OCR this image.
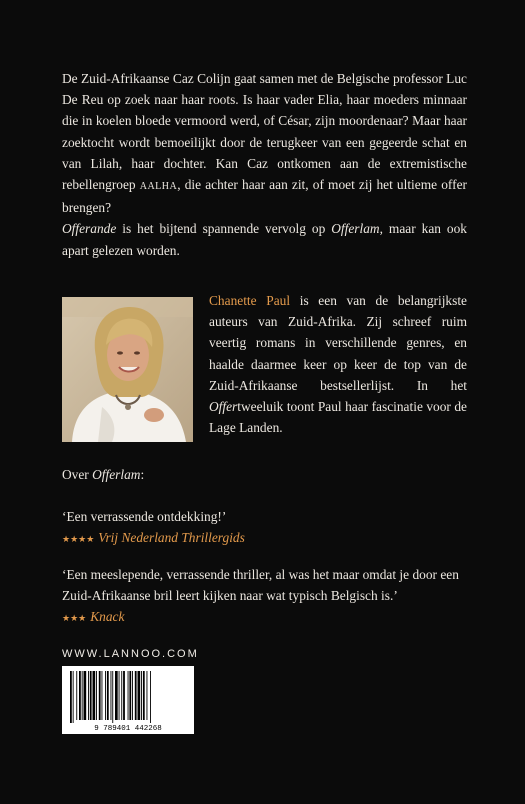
De Zuid-Afrikaanse Caz Colijn gaat samen met de Belgische professor Luc De Reu op zoek naar haar roots. Is haar vader Elia, haar moeders minnaar die in koelen bloede vermoord werd, of César, zijn moordenaar? Maar haar zoektocht wordt bemoeilijkt door de terugkeer van een gegeerde schat en van Lilah, haar dochter. Kan Caz ontkomen aan de extremistische rebellengroep AALHA, die achter haar aan zit, of moet zij het ultieme offer brengen?

Offerande is het bijtend spannende vervolg op Offerlam, maar kan ook apart gelezen worden.

Chanette Paul is een van de belangrijkste auteurs van Zuid-Afrika. Zij schreef ruim veertig romans in verschillende genres, en haalde daarmee keer op keer de top van de Zuid-Afrikaanse bestsellerlijst. In het Offertweeluik toont Paul haar fascinatie voor de Lage Landen.
Over Offerlam:
‘Een verrassende ontdekking!’
★★★★ Vrij Nederland Thrillergids
‘Een meeslepende, verrassende thriller, al was het maar omdat je door een Zuid-Afrikaanse bril leert kijken naar wat typisch Belgisch is.’
★★★ Knack
WWW.LANNOO.COM
9 789401 442268
